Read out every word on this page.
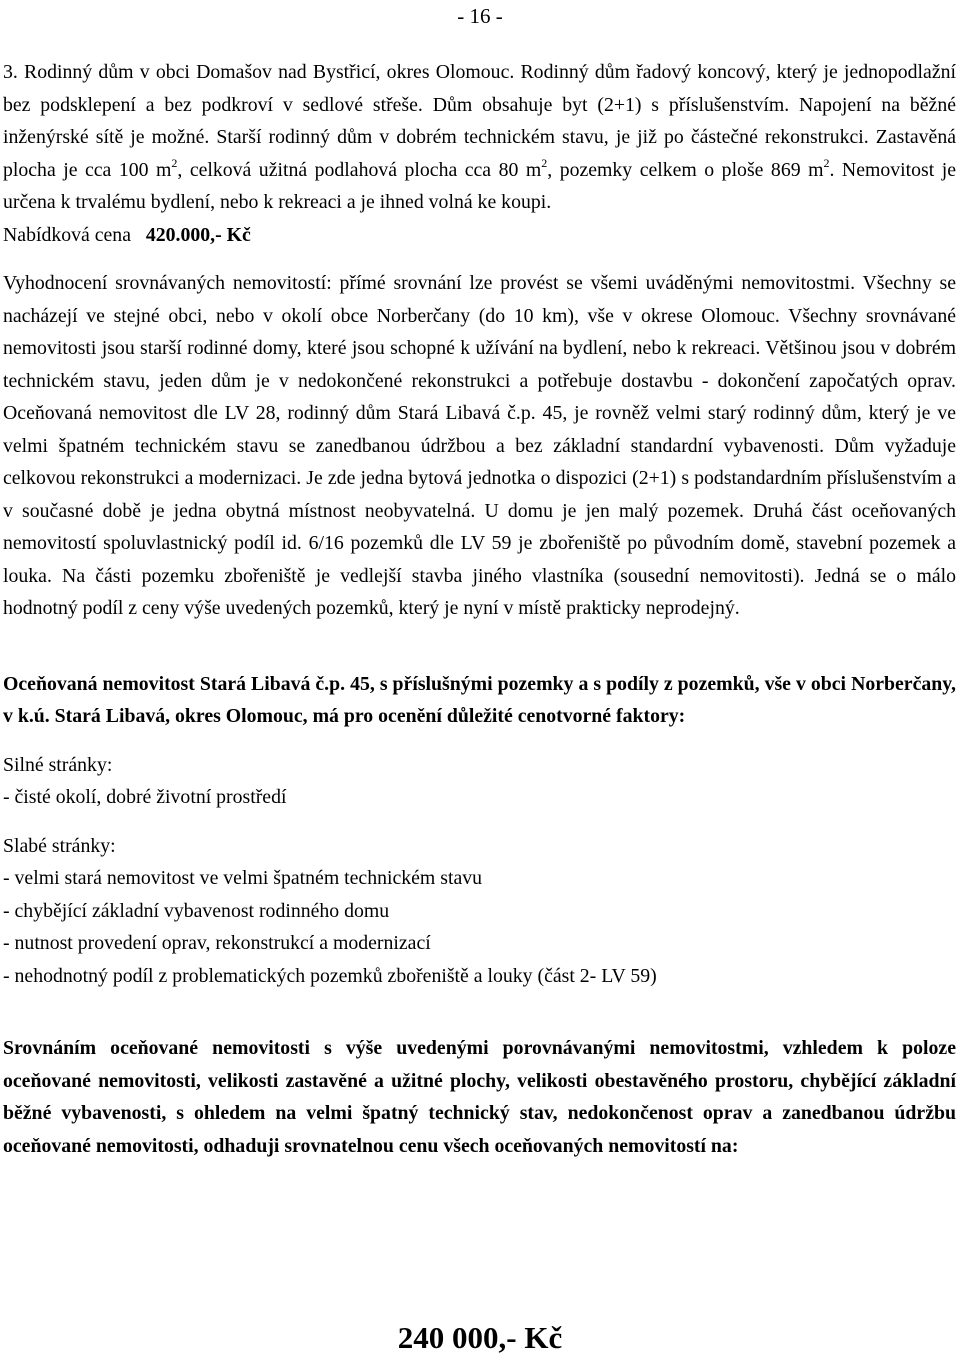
- 16 -

3. Rodinný dům v obci Domašov nad Bystřicí, okres Olomouc. Rodinný dům řadový koncový, který je jednopodlažní bez podsklepení a bez podkroví v sedlové střeše. Dům obsahuje byt (2+1) s příslušenstvím. Napojení na běžné inženýrské sítě je možné. Starší rodinný dům v dobrém technickém stavu, je již po částečné rekonstrukci. Zastavěná plocha je cca 100 $m^2$, celková užitná podlahová plocha cca 80 $m^2$, pozemky celkem o ploše 869 $m^2$. Nemovitost je určena k trvalému bydlení, nebo k rekreaci a je ihned volná ke koupi.

Nabídková cena 420.000,- Kč

Vyhodnocení srovnávaných nemovitostí: přímé srovnání lze provést se všemi uváděnými nemovitostmi. Všechny se nacházejí ve stejné obci, nebo v okolí obce Norberčany (do 10 km), vše v okrese Olomouc. Všechny srovnávané nemovitosti jsou starší rodinné domy, které jsou schopné k užívání na bydlení, nebo k rekreaci. Většinou jsou v dobrém technickém stavu, jeden dům je v nedokončené rekonstrukci a potřebuje dostavbu - dokončení započatých oprav. Oceňovaná nemovitost dle LV 28, rodinný dům Stará Libavá č.p. 45, je rovněž velmi starý rodinný dům, který je ve velmi špatném technickém stavu se zanedbanou údržbou a bez základní standardní vybavenosti. Dům vyžaduje celkovou rekonstrukci a modernizaci. Je zde jedna bytová jednotka o dispozici (2+1) s podstandardním příslušenstvím a v současné době je jedna obytná místnost neobyvatelná. U domu je jen malý pozemek. Druhá část oceňovaných nemovitostí spoluvlastnický podíl id. 6/16 pozemků dle LV 59 je zbořeniště po původním domě, stavební pozemek a louka. Na části pozemku zbořeniště je vedlejší stavba jiného vlastníka (sousední nemovitosti). Jedná se o málo hodnotný podíl z ceny výše uvedených pozemků, který je nyní v místě prakticky neprodejný.

Oceňovaná nemovitost Stará Libavá č.p. 45, s příslušnými pozemky a s podíly z pozemků, vše v obci Norberčany, v k.ú. Stará Libavá, okres Olomouc, má pro ocenění důležité cenotvorné faktory:

Silné stránky:

- čisté okolí, dobré životní prostředí

Slabé stránky:

- velmi stará nemovitost ve velmi špatném technickém stavu

- chybějící základní vybavenost rodinného domu

- nutnost provedení oprav, rekonstrukcí a modernizací

- nehodnotný podíl z problematických pozemků zbořeniště a louky (část 2- LV 59)

Srovnáním oceňované nemovitosti s výše uvedenými porovnávanými nemovitostmi, vzhledem k poloze oceňované nemovitosti, velikosti zastavěné a užitné plochy, velikosti obestavěného prostoru, chybějící základní běžné vybavenosti, s ohledem na velmi špatný technický stav, nedokončenost oprav a zanedbanou údržbu oceňované nemovitosti, odhaduji srovnatelnou cenu všech oceňovaných nemovitostí na:

240 000,- Kč
